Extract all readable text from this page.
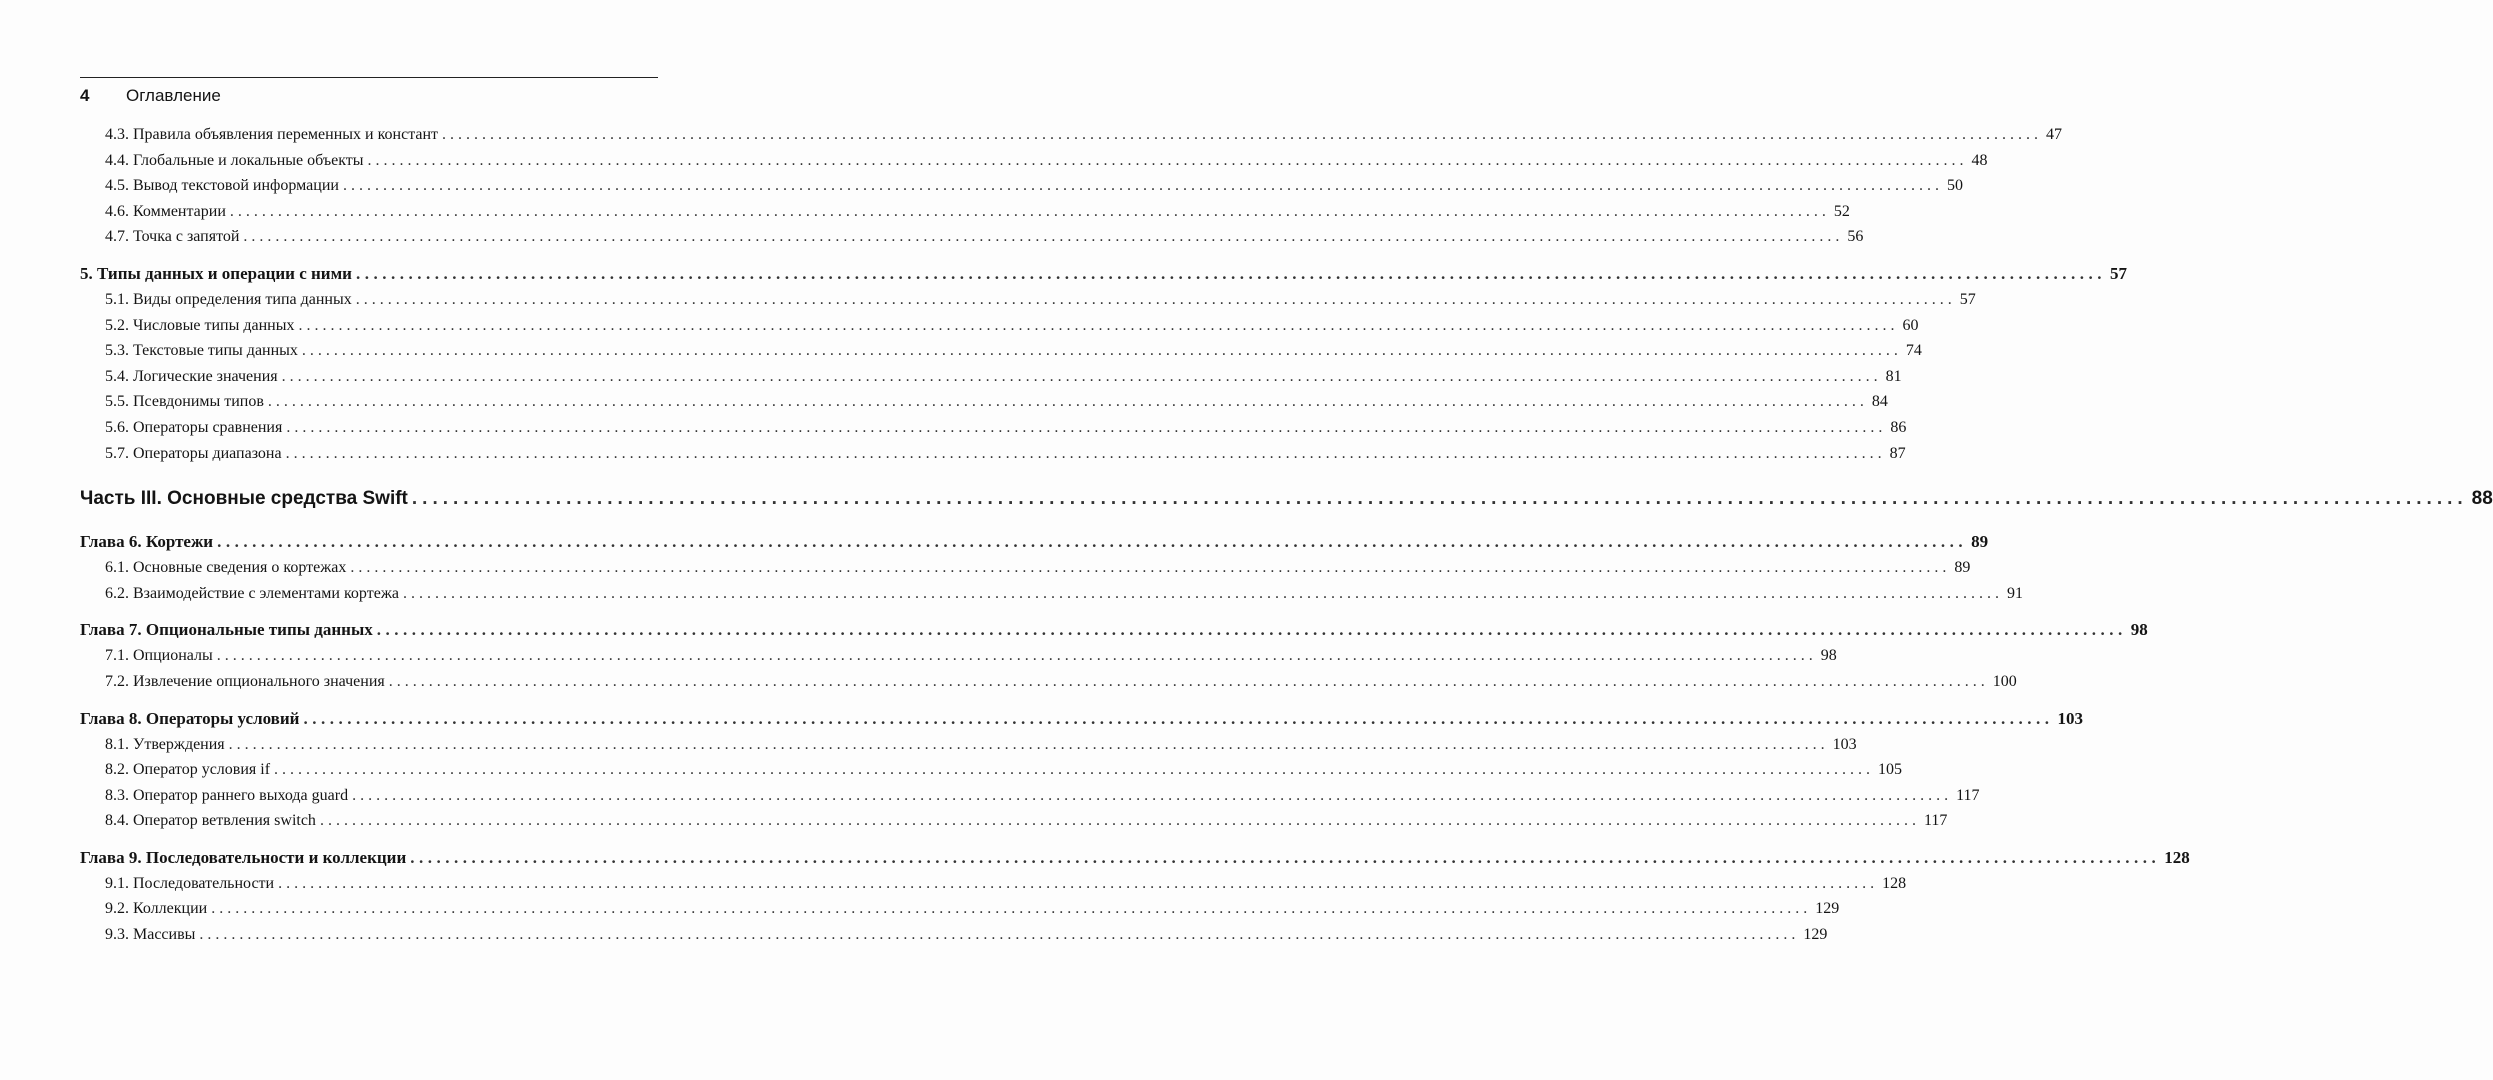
4	Оглавление
4.3. Правила объявления переменных и констант ........................................................................................................................................................................................................ 47
4.4. Глобальные и локальные объекты ........................................................................................................................................................................................................ 48
4.5. Вывод текстовой информации ........................................................................................................................................................................................................ 50
4.6. Комментарии ........................................................................................................................................................................................................ 52
4.7. Точка с запятой ........................................................................................................................................................................................................ 56
5. Типы данных и операции с ними ........................................................................................................................................................................................................ 57
5.1. Виды определения типа данных ........................................................................................................................................................................................................ 57
5.2. Числовые типы данных ........................................................................................................................................................................................................ 60
5.3. Текстовые типы данных ........................................................................................................................................................................................................ 74
5.4. Логические значения ........................................................................................................................................................................................................ 81
5.5. Псевдонимы типов ........................................................................................................................................................................................................ 84
5.6. Операторы сравнения ........................................................................................................................................................................................................ 86
5.7. Операторы диапазона ........................................................................................................................................................................................................ 87
Часть III. Основные средства Swift ........................................................................................................................................................................................................ 88
Глава 6. Кортежи ........................................................................................................................................................................................................ 89
6.1. Основные сведения о кортежах ........................................................................................................................................................................................................ 89
6.2. Взаимодействие с элементами кортежа ........................................................................................................................................................................................................ 91
Глава 7. Опциональные типы данных ........................................................................................................................................................................................................ 98
7.1. Опционалы ........................................................................................................................................................................................................ 98
7.2. Извлечение опционального значения ........................................................................................................................................................................................................ 100
Глава 8. Операторы условий ........................................................................................................................................................................................................ 103
8.1. Утверждения ........................................................................................................................................................................................................ 103
8.2. Оператор условия if ........................................................................................................................................................................................................ 105
8.3. Оператор раннего выхода guard ........................................................................................................................................................................................................ 117
8.4. Оператор ветвления switch ........................................................................................................................................................................................................ 117
Глава 9. Последовательности и коллекции ........................................................................................................................................................................................................ 128
9.1. Последовательности ........................................................................................................................................................................................................ 128
9.2. Коллекции ........................................................................................................................................................................................................ 129
9.3. Массивы ........................................................................................................................................................................................................ 129
